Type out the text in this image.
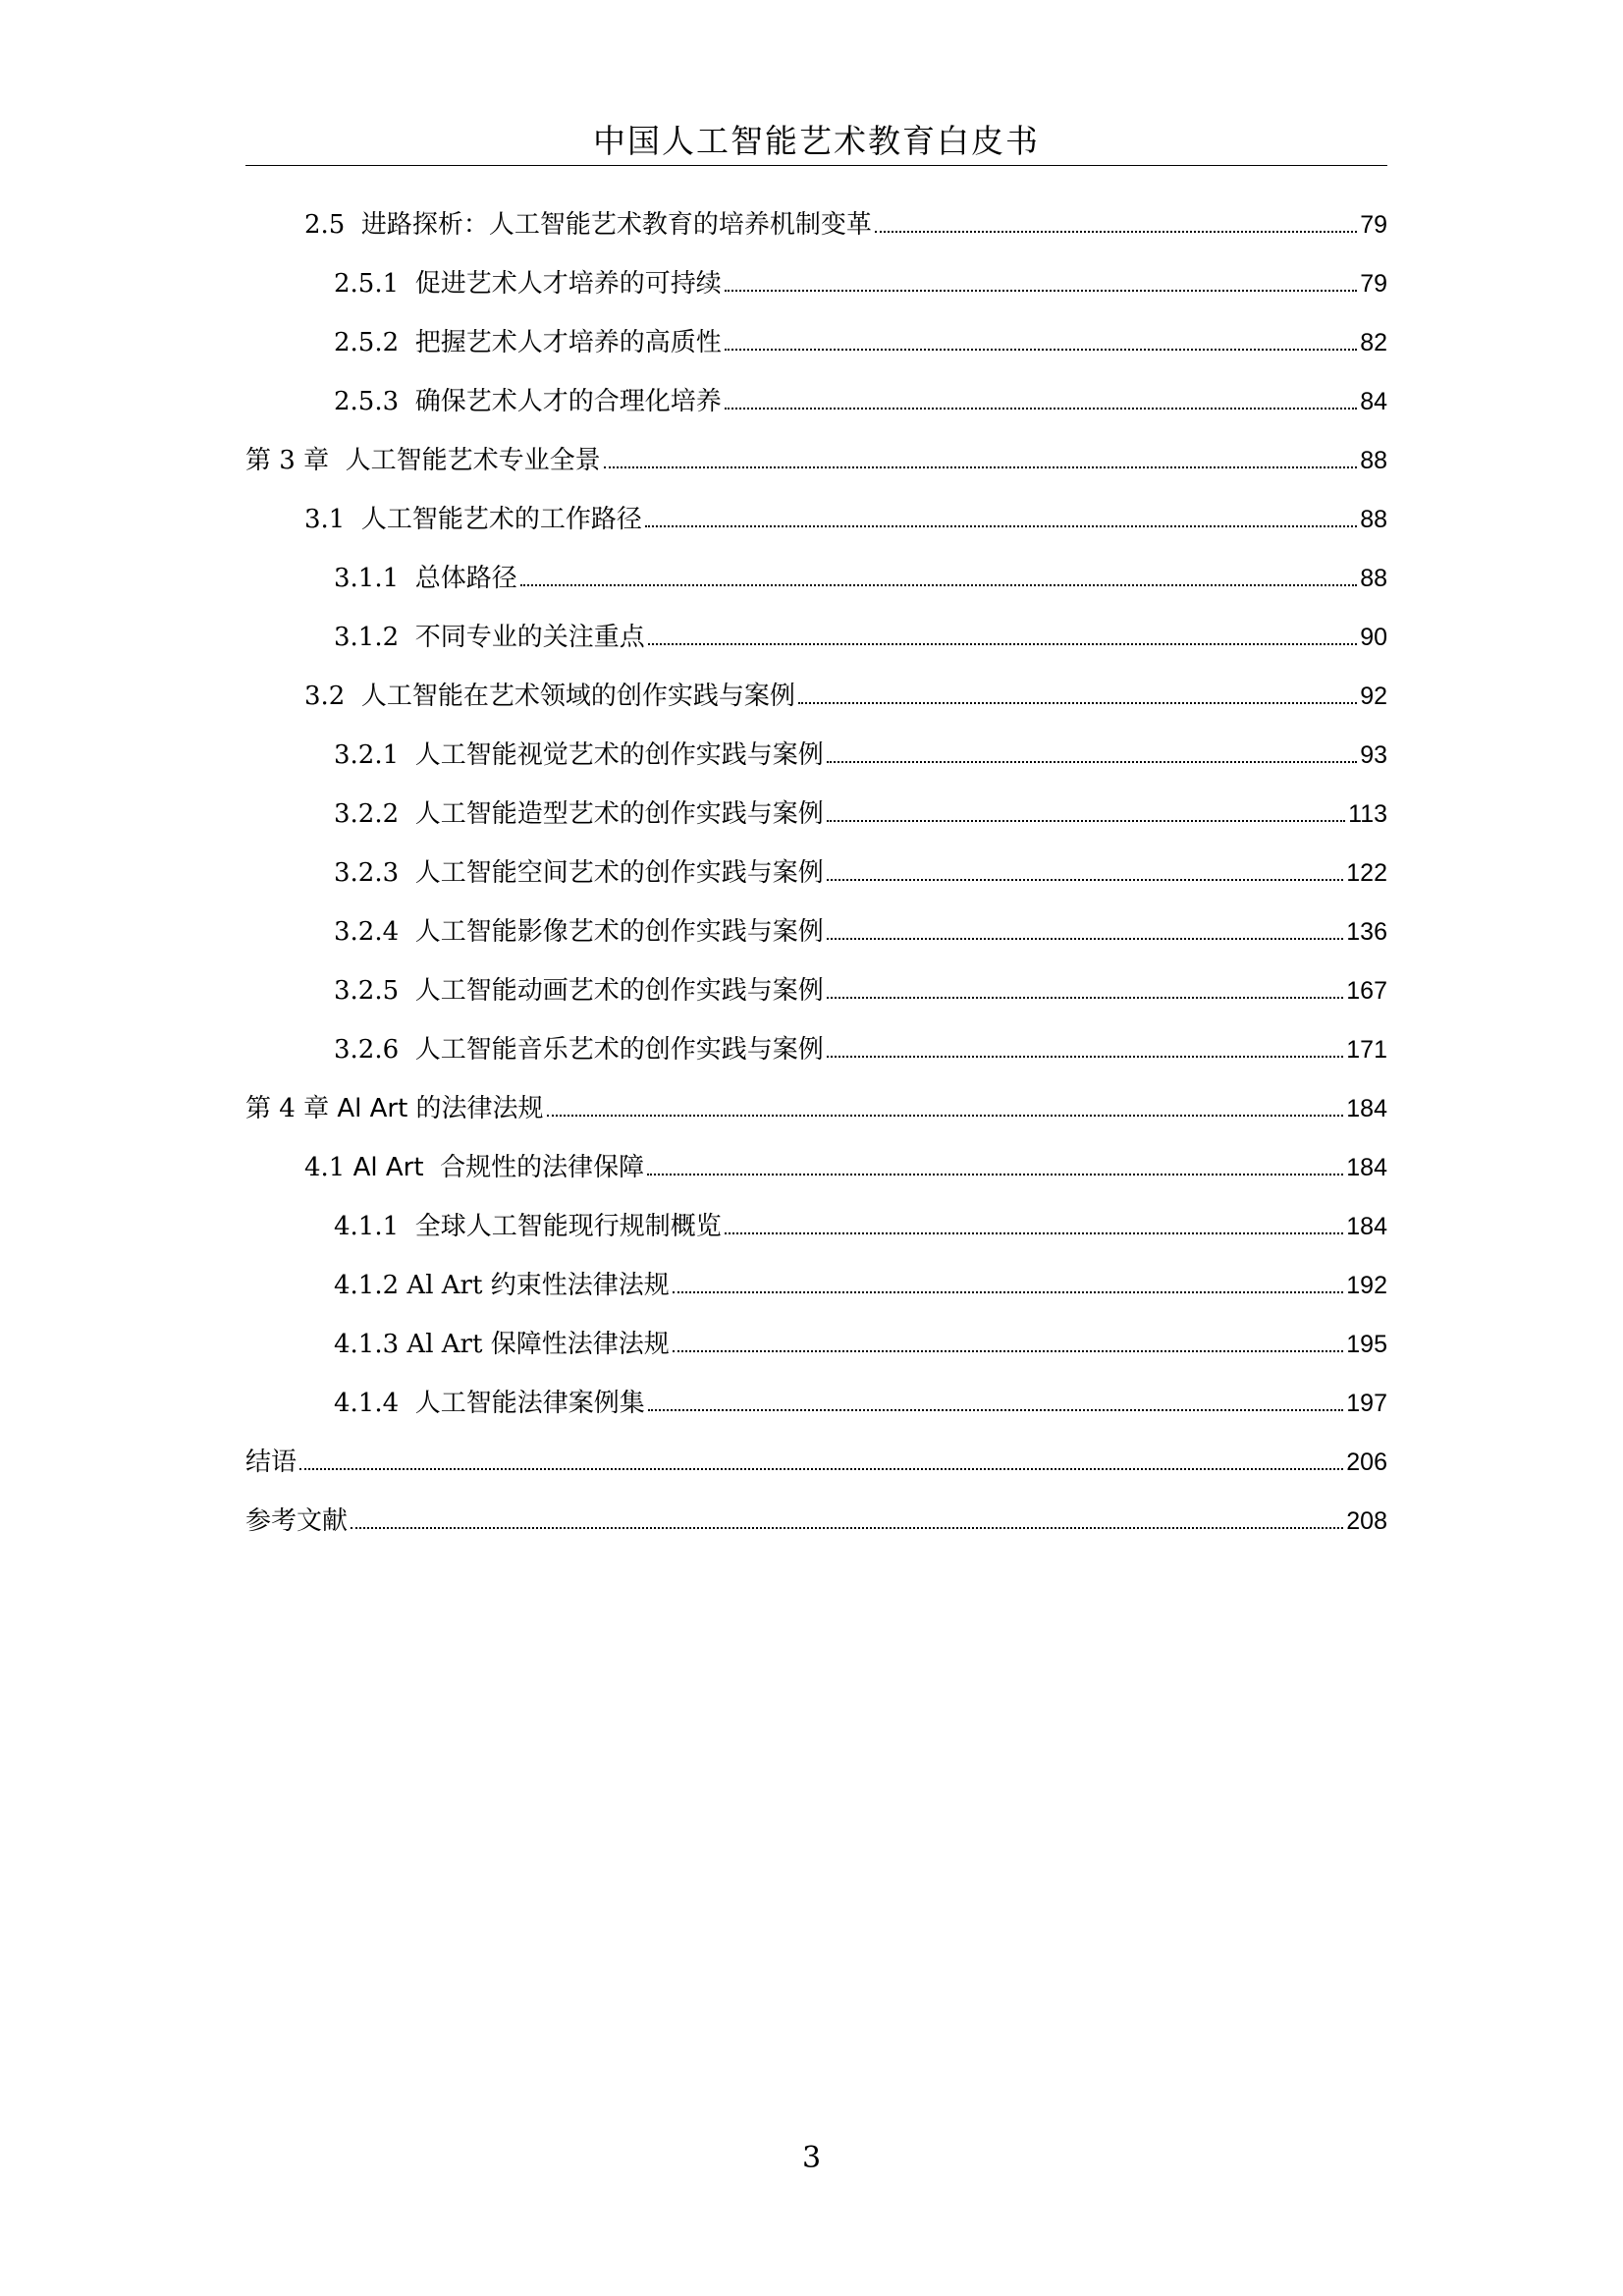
中国人工智能艺术教育白皮书
2.5 进路探析：人工智能艺术教育的培养机制变革	79
2.5.1 促进艺术人才培养的可持续	79
2.5.2 把握艺术人才培养的高质性	82
2.5.3 确保艺术人才的合理化培养	84
第 3 章 人工智能艺术专业全景	88
3.1 人工智能艺术的工作路径	88
3.1.1 总体路径	88
3.1.2 不同专业的关注重点	90
3.2 人工智能在艺术领域的创作实践与案例	92
3.2.1 人工智能视觉艺术的创作实践与案例	93
3.2.2 人工智能造型艺术的创作实践与案例	113
3.2.3 人工智能空间艺术的创作实践与案例	122
3.2.4 人工智能影像艺术的创作实践与案例	136
3.2.5 人工智能动画艺术的创作实践与案例	167
3.2.6 人工智能音乐艺术的创作实践与案例	171
第 4 章 Al Art 的法律法规	184
4.1 Al Art  合规性的法律保障	184
4.1.1 全球人工智能现行规制概览	184
4.1.2 Al Art 约束性法律法规	192
4.1.3 Al Art 保障性法律法规	195
4.1.4 人工智能法律案例集	197
结语	206
参考文献	208
3
